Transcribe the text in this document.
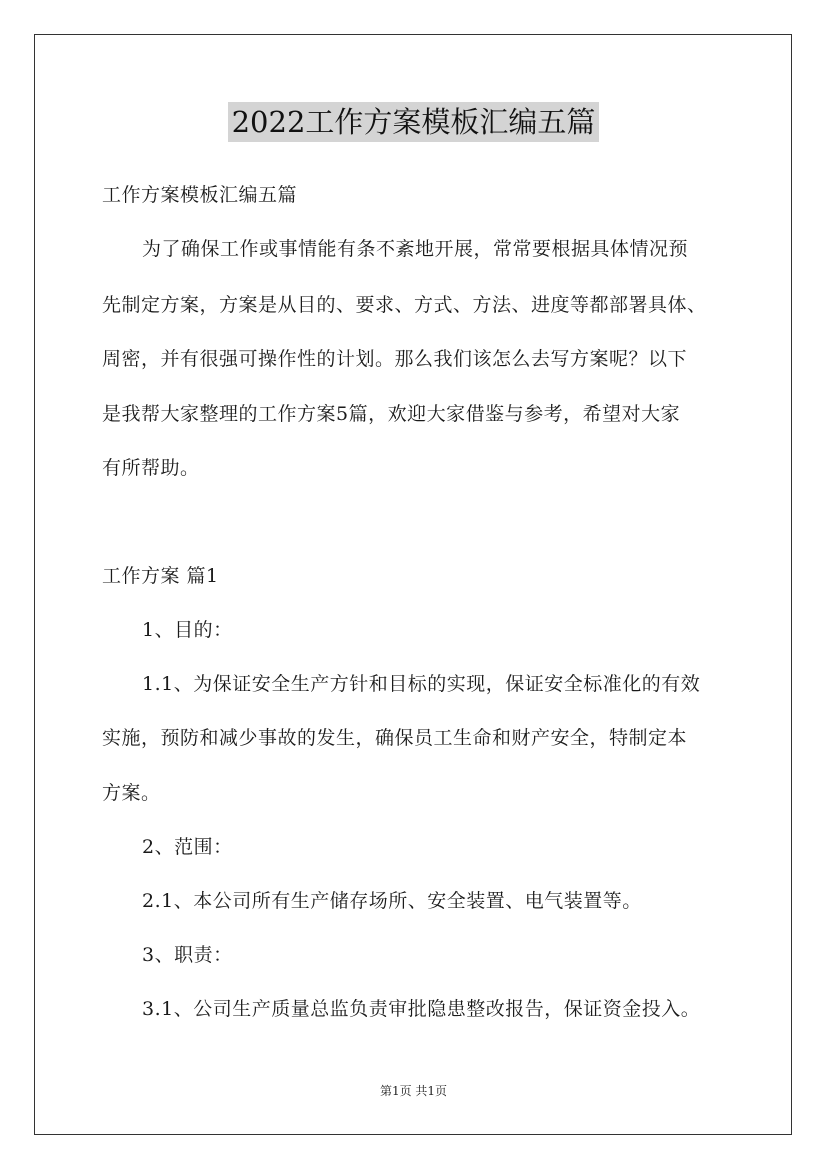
2022工作方案模板汇编五篇
工作方案模板汇编五篇
为了确保工作或事情能有条不紊地开展，常常要根据具体情况预
先制定方案，方案是从目的、要求、方式、方法、进度等都部署具体、
周密，并有很强可操作性的计划。那么我们该怎么去写方案呢？以下
是我帮大家整理的工作方案5篇，欢迎大家借鉴与参考，希望对大家
有所帮助。
工作方案 篇1
1、目的：
1.1、为保证安全生产方针和目标的实现，保证安全标准化的有效
实施，预防和减少事故的发生，确保员工生命和财产安全，特制定本
方案。
2、范围：
2.1、本公司所有生产储存场所、安全装置、电气装置等。
3、职责：
3.1、公司生产质量总监负责审批隐患整改报告，保证资金投入。
第1页 共1页
